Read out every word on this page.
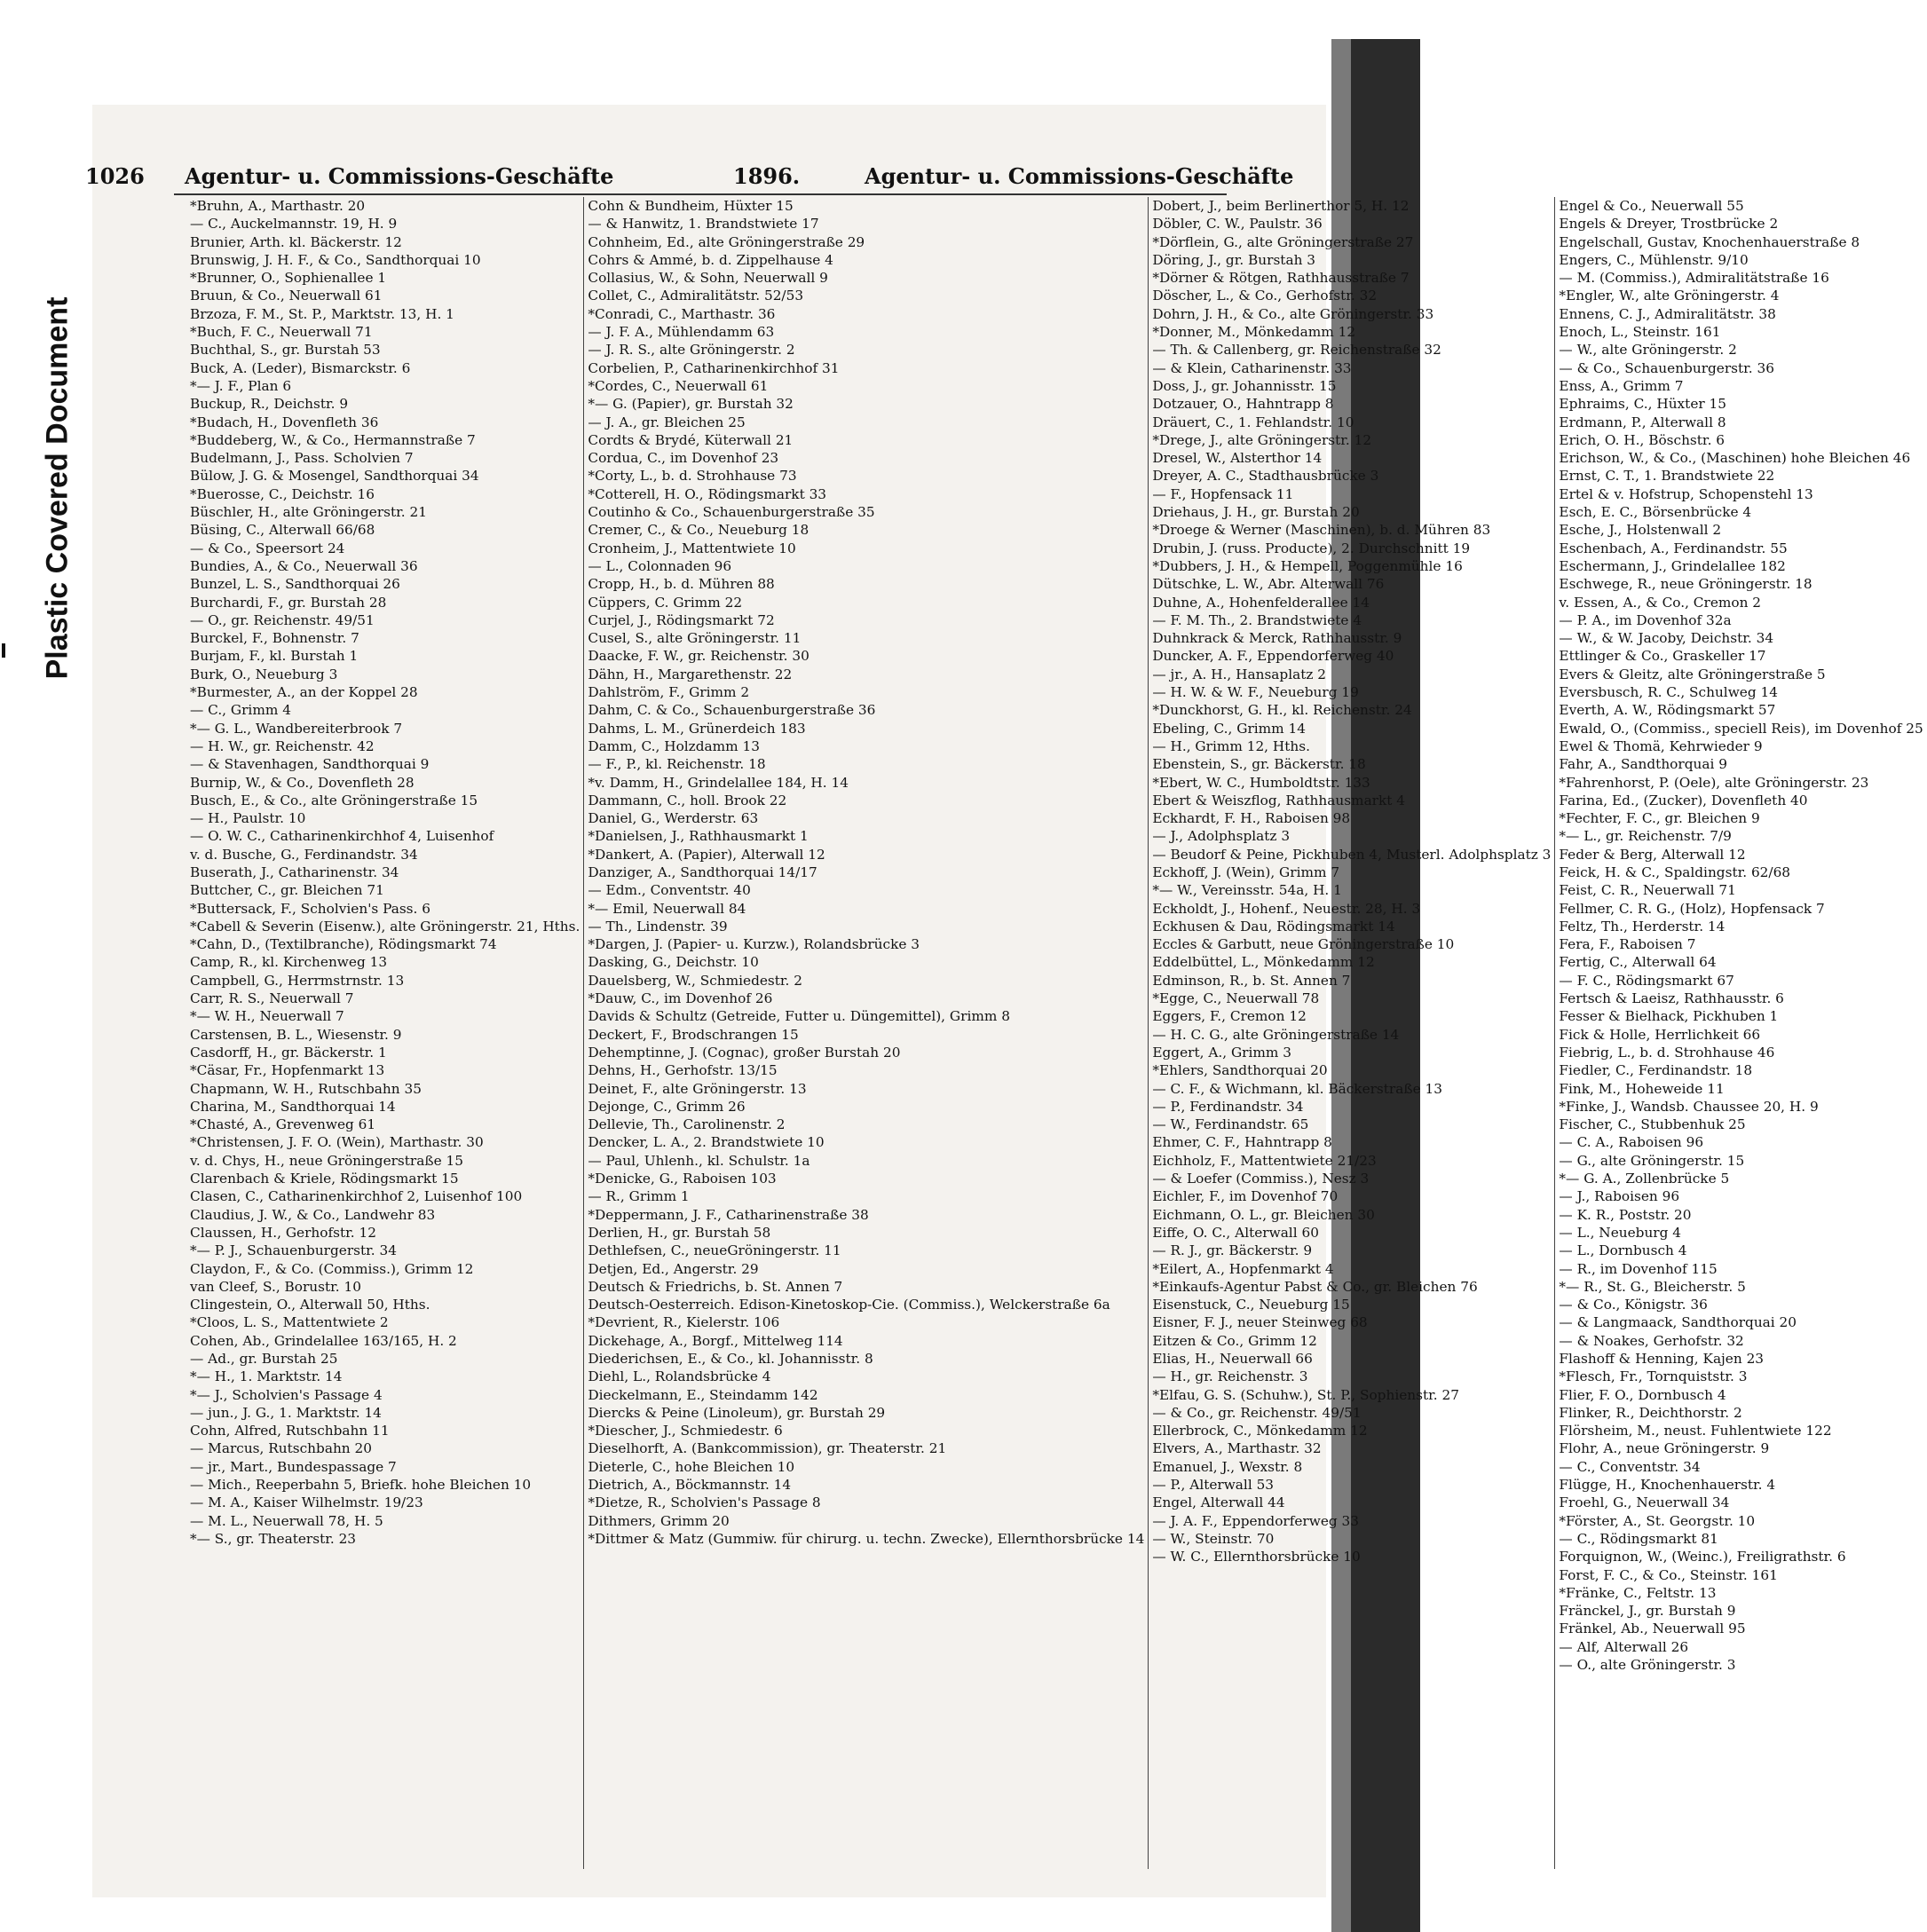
Plastic Covered Document
1026 Agentur- u. Commissions-Geschäfte	1896.	Agentur- u. Commissions-Geschäfte
*Bruhn, A., Marthastr. 20
— C., Auckelmannstr. 19, H. 9
Brunier, Arth. kl. Bäckerstr. 12
Brunswig, J. H. F., & Co., Sandthorquai 10
*Brunner, O., Sophienallee 1
Bruun, & Co., Neuerwall 61
Brzoza, F. M., St. P., Marktstr. 13, H. 1
*Buch, F. C., Neuerwall 71
Buchthal, S., gr. Burstah 53
Buck, A. (Leder), Bismarckstr. 6
*— J. F., Plan 6
Buckup, R., Deichstr. 9
*Budach, H., Dovenfleth 36
*Buddeberg, W., & Co., Hermannstraße 7
Budelmann, J., Pass. Scholvien 7
Bülow, J. G. & Mosengel, Sandthorquai 34
*Buerosse, C., Deichstr. 16
Büschler, H., alte Gröningerstr. 21
Büsing, C., Alterwall 66/68
— & Co., Speersort 24
Bundies, A., & Co., Neuerwall 36
Bunzel, L. S., Sandthorquai 26
Burchardi, F., gr. Burstah 28
— O., gr. Reichenstr. 49/51
Burckel, F., Bohnenstr. 7
Burjam, F., kl. Burstah 1
Burk, O., Neueburg 3
*Burmester, A., an der Koppel 28
— C., Grimm 4
*— G. L., Wandbereiterbrook 7
— H. W., gr. Reichenstr. 42
— & Stavenhagen, Sandthorquai 9
Burnip, W., & Co., Dovenfleth 28
Busch, E., & Co., alte Gröningerstraße 15
— H., Paulstr. 10
— O. W. C., Catharinenkirchhof 4, Luisenhof
v. d. Busche, G., Ferdinandstr. 34
Buserath, J., Catharinenstr. 34
Buttcher, C., gr. Bleichen 71
*Buttersack, F., Scholvien's Pass. 6
*Cabell & Severin (Eisenw.), alte Gröningerstr. 21, Hths.
*Cahn, D., (Textilbranche), Rödingsmarkt 74
Camp, R., kl. Kirchenweg 13
Campbell, G., Herrmstrnstr. 13
Carr, R. S., Neuerwall 7
*— W. H., Neuerwall 7
Carstensen, B. L., Wiesenstr. 9
Casdorff, H., gr. Bäckerstr. 1
*Cäsar, Fr., Hopfenmarkt 13
Chapmann, W. H., Rutschbahn 35
Charina, M., Sandthorquai 14
*Chasté, A., Grevenweg 61
*Christensen, J. F. O. (Wein), Marthastr. 30
v. d. Chys, H., neue Gröningerstraße 15
Clarenbach & Kriele, Rödingsmarkt 15
Clasen, C., Catharinenkirchhof 2, Luisenhof 100
Claudius, J. W., & Co., Landwehr 83
Claussen, H., Gerhofstr. 12
*— P. J., Schauenburgerstr. 34
Claydon, F., & Co. (Commiss.), Grimm 12
van Cleef, S., Borustr. 10
Clingestein, O., Alterwall 50, Hths.
*Cloos, L. S., Mattentwiete 2
Cohen, Ab., Grindelallee 163/165, H. 2
— Ad., gr. Burstah 25
*— H., 1. Marktstr. 14
*— J., Scholvien's Passage 4
— jun., J. G., 1. Marktstr. 14
Cohn, Alfred, Rutschbahn 11
— Marcus, Rutschbahn 20
— jr., Mart., Bundespassage 7
— Mich., Reeperbahn 5, Briefk. hohe Bleichen 10
— M. A., Kaiser Wilhelmstr. 19/23
— M. L., Neuerwall 78, H. 5
*— S., gr. Theaterstr. 23
Cohn & Bundheim, Hüxter 15
— & Hanwitz, 1. Brandstwiete 17
Cohnheim, Ed., alte Gröningerstraße 29
Cohrs & Ammé, b. d. Zippelhause 4
Collasius, W., & Sohn, Neuerwall 9
Collet, C., Admiralitätstr. 52/53
*Conradi, C., Marthastr. 36
— J. F. A., Mühlendamm 63
— J. R. S., alte Gröningerstr. 2
Corbelien, P., Catharinenkirchhof 31
*Cordes, C., Neuerwall 61
*— G. (Papier), gr. Burstah 32
— J. A., gr. Bleichen 25
Cordts & Brydé, Küterwall 21
Cordua, C., im Dovenhof 23
*Corty, L., b. d. Strohhause 73
*Cotterell, H. O., Rödingsmarkt 33
Coutinho & Co., Schauenburgerstraße 35
Cremer, C., & Co., Neueburg 18
Cronheim, J., Mattentwiete 10
— L., Colonnaden 96
Cropp, H., b. d. Mühren 88
Cüppers, C. Grimm 22
Curjel, J., Rödingsmarkt 72
Cusel, S., alte Gröningerstr. 11
Daacke, F. W., gr. Reichenstr. 30
Dähn, H., Margarethenstr. 22
Dahlström, F., Grimm 2
Dahm, C. & Co., Schauenburgerstraße 36
Dahms, L. M., Grünerdeich 183
Damm, C., Holzdamm 13
— F., P., kl. Reichenstr. 18
*v. Damm, H., Grindelallee 184, H. 14
Dammann, C., holl. Brook 22
Daniel, G., Werderstr. 63
*Danielsen, J., Rathhausmarkt 1
*Dankert, A. (Papier), Alterwall 12
Danziger, A., Sandthorquai 14/17
— Edm., Conventstr. 40
*— Emil, Neuerwall 84
— Th., Lindenstr. 39
*Dargen, J. (Papier- u. Kurzw.), Rolandsbrücke 3
Dasking, G., Deichstr. 10
Dauelsberg, W., Schmiedestr. 2
*Dauw, C., im Dovenhof 26
Davids & Schultz (Getreide, Futter u. Düngemittel), Grimm 8
Deckert, F., Brodschrangen 15
Dehemptinne, J. (Cognac), großer Burstah 20
Dehns, H., Gerhofstr. 13/15
Deinet, F., alte Gröningerstr. 13
Dejonge, C., Grimm 26
Dellevie, Th., Carolinenstr. 2
Dencker, L. A., 2. Brandstwiete 10
— Paul, Uhlenh., kl. Schulstr. 1a
*Denicke, G., Raboisen 103
— R., Grimm 1
*Deppermann, J. F., Catharinenstraße 38
Derlien, H., gr. Burstah 58
Dethlefsen, C., neueGröningerstr. 11
Detjen, Ed., Angerstr. 29
Deutsch & Friedrichs, b. St. Annen 7
Deutsch-Oesterreich. Edison-Kinetoskop-Cie. (Commiss.), Welckerstraße 6a
*Devrient, R., Kielerstr. 106
Dickehage, A., Borgf., Mittelweg 114
Diederichsen, E., & Co., kl. Johannisstr. 8
Diehl, L., Rolandsbrücke 4
Dieckelmann, E., Steindamm 142
Diercks & Peine (Linoleum), gr. Burstah 29
*Diescher, J., Schmiedestr. 6
Dieselhorft, A. (Bankcommission), gr. Theaterstr. 21
Dieterle, C., hohe Bleichen 10
Dietrich, A., Böckmannstr. 14
*Dietze, R., Scholvien's Passage 8
Dithmers, Grimm 20
*Dittmer & Matz (Gummiw. für chirurg. u. techn. Zwecke), Ellernthorsbrücke 14
Dobert, J., beim Berlinerthor 5, H. 12
Döbler, C. W., Paulstr. 36
*Dörflein, G., alte Gröningerstraße 27
Döring, J., gr. Burstah 3
*Dörner & Rötgen, Rathhausstraße 7
Döscher, L., & Co., Gerhofstr. 32
Dohrn, J. H., & Co., alte Gröningerstr. 33
*Donner, M., Mönkedamm 12
— Th. & Callenberg, gr. Reichenstraße 32
— & Klein, Catharinenstr. 33
Doss, J., gr. Johannisstr. 15
Dotzauer, O., Hahntrapp 8
Dräuert, C., 1. Fehlandstr. 10
*Drege, J., alte Gröningerstr. 12
Dresel, W., Alsterthor 14
Dreyer, A. C., Stadthausbrücke 3
— F., Hopfensack 11
Driehaus, J. H., gr. Burstah 20
*Droege & Werner (Maschinen), b. d. Mühren 83
Drubin, J. (russ. Producte), 2. Durchschnitt 19
*Dubbers, J. H., & Hempell, Poggenmühle 16
Dütschke, L. W., Abr. Alterwall 76
Duhne, A., Hohenfelderallee 14
— F. M. Th., 2. Brandstwiete 4
Duhnkrack & Merck, Rathhausstr. 9
Duncker, A. F., Eppendorferweg 40
— jr., A. H., Hansaplatz 2
— H. W. & W. F., Neueburg 19
*Dunckhorst, G. H., kl. Reichenstr. 24
Ebeling, C., Grimm 14
— H., Grimm 12, Hths.
Ebenstein, S., gr. Bäckerstr. 18
*Ebert, W. C., Humboldtstr. 133
Ebert & Weiszflog, Rathhausmarkt 4
Eckhardt, F. H., Raboisen 98
— J., Adolphsplatz 3
— Beudorf & Peine, Pickhuben 4, Musterl. Adolphsplatz 3
Eckhoff, J. (Wein), Grimm 7
*— W., Vereinsstr. 54a, H. 1
Eckholdt, J., Hohenf., Neuestr. 28, H. 3
Eckhusen & Dau, Rödingsmarkt 14
Eccles & Garbutt, neue Gröningerstraße 10
Eddelbüttel, L., Mönkedamm 12
Edminson, R., b. St. Annen 7
*Egge, C., Neuerwall 78
Eggers, F., Cremon 12
— H. C. G., alte Gröningerstraße 14
Eggert, A., Grimm 3
*Ehlers, Sandthorquai 20
— C. F., & Wichmann, kl. Bäckerstraße 13
— P., Ferdinandstr. 34
— W., Ferdinandstr. 65
Ehmer, C. F., Hahntrapp 8
Eichholz, F., Mattentwiete 21/23
— & Loefer (Commiss.), Nesz 3
Eichler, F., im Dovenhof 70
Eichmann, O. L., gr. Bleichen 30
Eiffe, O. C., Alterwall 60
— R. J., gr. Bäckerstr. 9
*Eilert, A., Hopfenmarkt 4
*Einkaufs-Agentur Pabst & Co., gr. Bleichen 76
Eisenstuck, C., Neueburg 15
Eisner, F. J., neuer Steinweg 68
Eitzen & Co., Grimm 12
Elias, H., Neuerwall 66
— H., gr. Reichenstr. 3
*Elfau, G. S. (Schuhw.), St. P., Sophienstr. 27
— & Co., gr. Reichenstr. 49/51
Ellerbrock, C., Mönkedamm 12
Elvers, A., Marthastr. 32
Emanuel, J., Wexstr. 8
— P., Alterwall 53
Engel, Alterwall 44
— J. A. F., Eppendorferweg 33
— W., Steinstr. 70
— W. C., Ellernthorsbrücke 10
Engel & Co., Neuerwall 55
Engels & Dreyer, Trostbrücke 2
Engelschall, Gustav, Knochenhauerstraße 8
Engers, C., Mühlenstr. 9/10
— M. (Commiss.), Admiralitätstraße 16
*Engler, W., alte Gröningerstr. 4
Ennens, C. J., Admiralitätstr. 38
Enoch, L., Steinstr. 161
— W., alte Gröningerstr. 2
— & Co., Schauenburgerstr. 36
Enss, A., Grimm 7
Ephraims, C., Hüxter 15
Erdmann, P., Alterwall 8
Erich, O. H., Böschstr. 6
Erichson, W., & Co., (Maschinen) hohe Bleichen 46
Ernst, C. T., 1. Brandstwiete 22
Ertel & v. Hofstrup, Schopenstehl 13
Esch, E. C., Börsenbrücke 4
Esche, J., Holstenwall 2
Eschenbach, A., Ferdinandstr. 55
Eschermann, J., Grindelallee 182
Eschwege, R., neue Gröningerstr. 18
v. Essen, A., & Co., Cremon 2
— P. A., im Dovenhof 32a
— W., & W. Jacoby, Deichstr. 34
Ettlinger & Co., Graskeller 17
Evers & Gleitz, alte Gröningerstraße 5
Eversbusch, R. C., Schulweg 14
Everth, A. W., Rödingsmarkt 57
Ewald, O., (Commiss., speciell Reis), im Dovenhof 25
Ewel & Thomä, Kehrwieder 9
Fahr, A., Sandthorquai 9
*Fahrenhorst, P. (Oele), alte Gröningerstr. 23
Farina, Ed., (Zucker), Dovenfleth 40
*Fechter, F. C., gr. Bleichen 9
*— L., gr. Reichenstr. 7/9
Feder & Berg, Alterwall 12
Feick, H. & C., Spaldingstr. 62/68
Feist, C. R., Neuerwall 71
Fellmer, C. R. G., (Holz), Hopfensack 7
Feltz, Th., Herderstr. 14
Fera, F., Raboisen 7
Fertig, C., Alterwall 64
— F. C., Rödingsmarkt 67
Fertsch & Laeisz, Rathhausstr. 6
Fesser & Bielhack, Pickhuben 1
Fick & Holle, Herrlichkeit 66
Fiebrig, L., b. d. Strohhause 46
Fiedler, C., Ferdinandstr. 18
Fink, M., Hoheweide 11
*Finke, J., Wandsb. Chaussee 20, H. 9
Fischer, C., Stubbenhuk 25
— C. A., Raboisen 96
— G., alte Gröningerstr. 15
*— G. A., Zollenbrücke 5
— J., Raboisen 96
— K. R., Poststr. 20
— L., Neueburg 4
— L., Dornbusch 4
— R., im Dovenhof 115
*— R., St. G., Bleicherstr. 5
— & Co., Königstr. 36
— & Langmaack, Sandthorquai 20
— & Noakes, Gerhofstr. 32
Flashoff & Henning, Kajen 23
*Flesch, Fr., Tornquiststr. 3
Flier, F. O., Dornbusch 4
Flinker, R., Deichthorstr. 2
Flörsheim, M., neust. Fuhlentwiete 122
Flohr, A., neue Gröningerstr. 9
— C., Conventstr. 34
Flügge, H., Knochenhauerstr. 4
Froehl, G., Neuerwall 34
*Förster, A., St. Georgstr. 10
— C., Rödingsmarkt 81
Forquignon, W., (Weinc.), Freiligrathstr. 6
Forst, F. C., & Co., Steinstr. 161
*Fränke, C., Feltstr. 13
Fränckel, J., gr. Burstah 9
Fränkel, Ab., Neuerwall 95
— Alf, Alterwall 26
— O., alte Gröningerstr. 3
